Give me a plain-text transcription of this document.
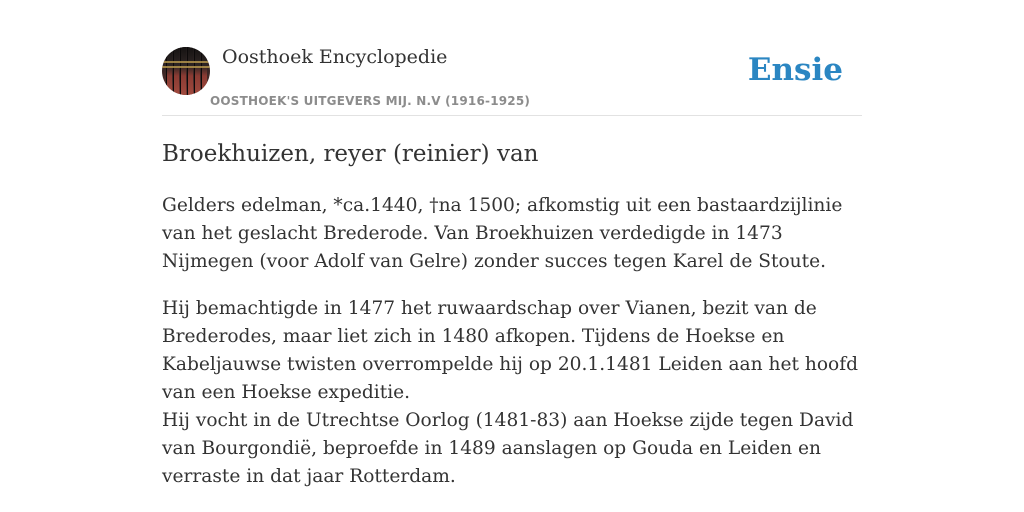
Oosthoek Encyclopedie
OOSTHOEK'S UITGEVERS MIJ. N.V (1916-1925)
Ensie
Broekhuizen, reyer (reinier) van

Gelders edelman, *ca.1440, †na 1500; afkomstig uit een bastaardzijlinie van het geslacht Brederode. Van Broekhuizen verdedigde in 1473 Nijmegen (voor Adolf van Gelre) zonder succes tegen Karel de Stoute.

Hij bemachtigde in 1477 het ruwaardschap over Vianen, bezit van de Brederodes, maar liet zich in 1480 afkopen. Tijdens de Hoekse en Kabeljauwse twisten overrompelde hij op 20.1.1481 Leiden aan het hoofd van een Hoekse expeditie.

Hij vocht in de Utrechtse Oorlog (1481-83) aan Hoekse zijde tegen David van Bourgondië, beproefde in 1489 aanslagen op Gouda en Leiden en verraste in dat jaar Rotterdam.
